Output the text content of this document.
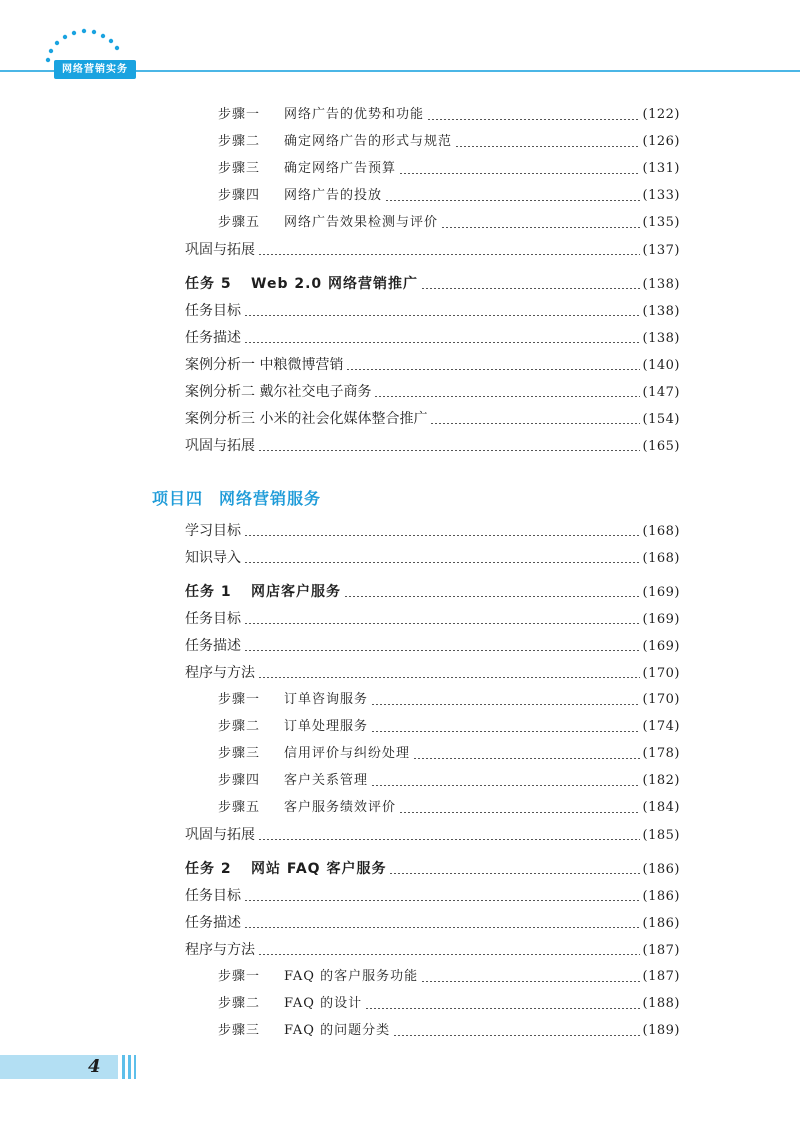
网络营销实务
步骤一 网络广告的优势和功能	(122)
步骤二 确定网络广告的形式与规范	(126)
步骤三 确定网络广告预算	(131)
步骤四 网络广告的投放	(133)
步骤五 网络广告效果检测与评价	(135)
巩固与拓展	(137)
任务 5 Web 2.0 网络营销推广	(138)
任务目标	(138)
任务描述	(138)
案例分析一 中粮微博营销	(140)
案例分析二 戴尔社交电子商务	(147)
案例分析三 小米的社会化媒体整合推广	(154)
巩固与拓展	(165)
学习目标	(168)
知识导入	(168)
任务 1 网店客户服务	(169)
任务目标	(169)
任务描述	(169)
程序与方法	(170)
步骤一 订单咨询服务	(170)
步骤二 订单处理服务	(174)
步骤三 信用评价与纠纷处理	(178)
步骤四 客户关系管理	(182)
步骤五 客户服务绩效评价	(184)
巩固与拓展	(185)
任务 2 网站 FAQ 客户服务	(186)
任务目标	(186)
任务描述	(186)
程序与方法	(187)
步骤一 FAQ 的客户服务功能	(187)
步骤二 FAQ 的设计	(188)
步骤三 FAQ 的问题分类	(189)
项目四 网络营销服务
4
